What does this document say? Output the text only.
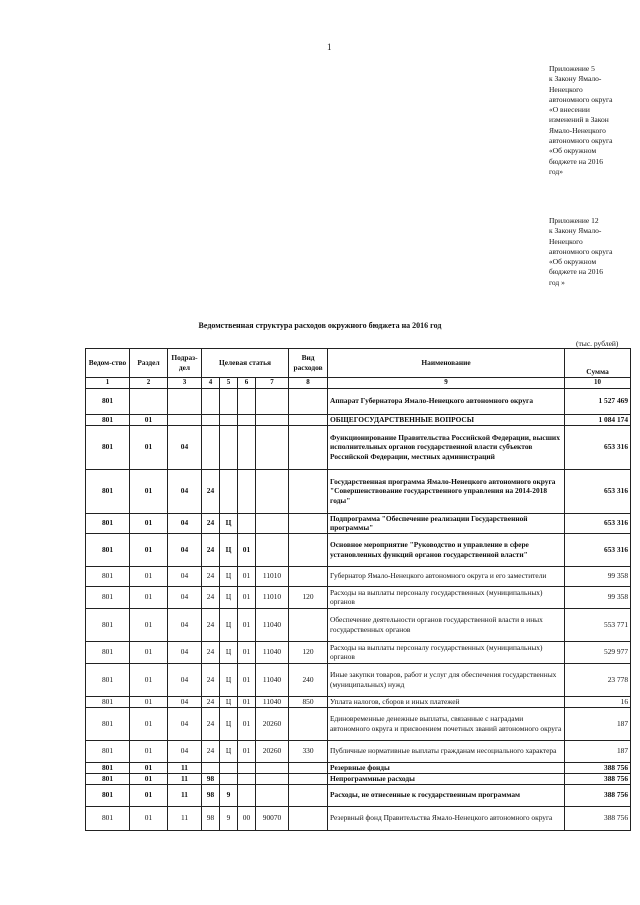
1
Приложение 5
к Закону Ямало-
Ненецкого
автономного округа
«О внесении
изменений в Закон
Ямало-Ненецкого
автономного округа
«Об окружном
бюджете на 2016
год»
Приложение 12
к Закону Ямало-
Ненецкого
автономного округа
«Об окружном
бюджете на 2016
год »
Ведомственная структура расходов окружного бюджета на 2016 год
(тыс. рублей)
Ведом-ство	Раздел	Подраз-дел	Целевая статья				Вид расходов	Наименование	Сумма
1	2	3	4	5	6	7	8	9	10
801								Аппарат Губернатора Ямало-Ненецкого автономного округа	1 527 469
801	01							ОБЩЕГОСУДАРСТВЕННЫЕ ВОПРОСЫ	1 084 174
801	01	04						Функционирование Правительства Российской Федерации, высших исполнительных органов государственной власти субъектов Российской Федерации, местных администраций	653 316
801	01	04	24					Государственная программа Ямало-Ненецкого автономного округа "Совершенствование государственного управления на 2014-2018 годы"	653 316
801	01	04	24	Ц				Подпрограмма "Обеспечение реализации Государственной программы"	653 316
801	01	04	24	Ц	01			Основное мероприятие "Руководство и управление в сфере установленных функций органов государственной власти"	653 316
801	01	04	24	Ц	01	11010		Губернатор Ямало-Ненецкого автономного округа и его заместители	99 358
801	01	04	24	Ц	01	11010	120	Расходы на выплаты персоналу государственных (муниципальных) органов	99 358
801	01	04	24	Ц	01	11040		Обеспечение деятельности органов государственной власти в иных государственных органов	553 771
801	01	04	24	Ц	01	11040	120	Расходы на выплаты персоналу государственных (муниципальных) органов	529 977
801	01	04	24	Ц	01	11040	240	Иные закупки товаров, работ и услуг для обеспечения государственных (муниципальных) нужд	23 778
801	01	04	24	Ц	01	11040	850	Уплата налогов, сборов и иных платежей	16
801	01	04	24	Ц	01	20260		Единовременные денежные выплаты, связанные с наградами автономного округа и присвоением почетных званий автономного округа	187
801	01	04	24	Ц	01	20260	330	Публичные нормативные выплаты гражданам несоциального характера	187
801	01	11						Резервные фонды	388 756
801	01	11	98					Непрограммные расходы	388 756
801	01	11	98	9				Расходы, не отнесенные к государственным программам	388 756
801	01	11	98	9	00	90070		Резервный фонд Правительства Ямало-Ненецкого автономного округа	388 756
